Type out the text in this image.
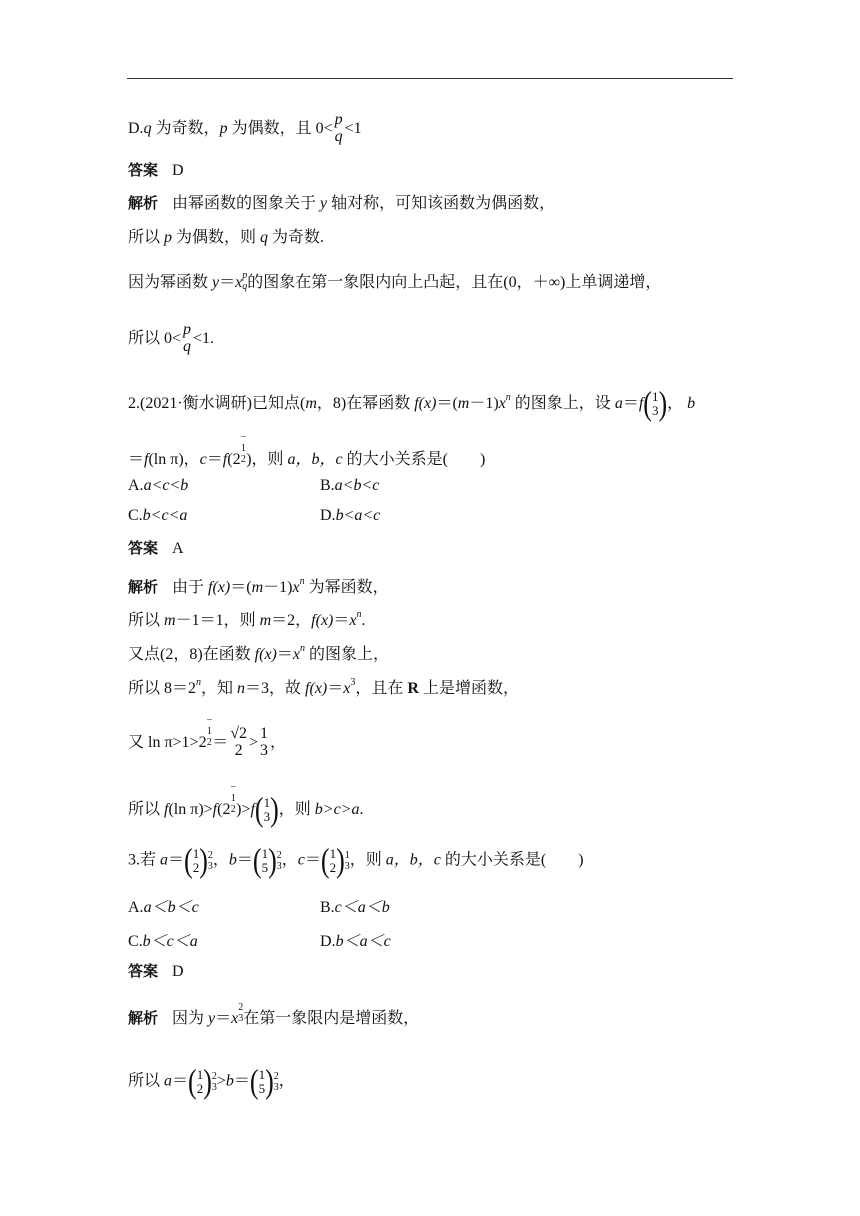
D.q 为奇数，p 为偶数，且 0<
p
q <1
答案 D
解析 由幂函数的图象关于 y 轴对称，可知该函数为偶函数，
所以 p 为偶数，则 q 为奇数.
因为幂函数 y＝x p
q 的图象在第一象限内向上凸起，且在(0，＋∞)上单调递增，
所以 0<
p
q <1.
2.(2021·衡水调研)已知点(m，8)在幂函数 $f(x)=(m-1)x^n$ 的图象上，设 a＝f( 1
3 )， b
＝f(ln π)，c＝f(2
−
1
2 )，则 a，b，c 的大小关系是(　　)
A.a<c<b	B.a<b<c
C.b<c<a	D.b<a<c
答案 A
解析 由于 $f(x)=(m-1)x^n$ 为幂函数，
所以 m－1＝1，则 m＝2，$f(x)=x^n$.
又点(2，8)在函数 $f(x)=x^n$ 的图象上，
所以 $8=2^n$，知 n＝3，故 $f(x)=x^3$，且在 R 上是增函数，
又 ln π>1>2
−
1
2 ＝
√2
2 >
1
3 ，
所以 f(ln π)>f(2
−
1
2 )>f( 1
3 )，则 b>c>a.
3.若 a＝( 1
2 ) 2
3 ，b＝( 1
5 ) 2
3 ，c＝( 1
2 ) 1
3 ，则 a，b，c 的大小关系是(　　)
A.a＜b＜c	B.c＜a＜b
C.b＜c＜a	D.b＜a＜c
答案 D
解析 因为 y＝x
2
3 在第一象限内是增函数，
所以 a＝( 1
2 ) 2
3 >b＝( 1
5 ) 2
3 ，
